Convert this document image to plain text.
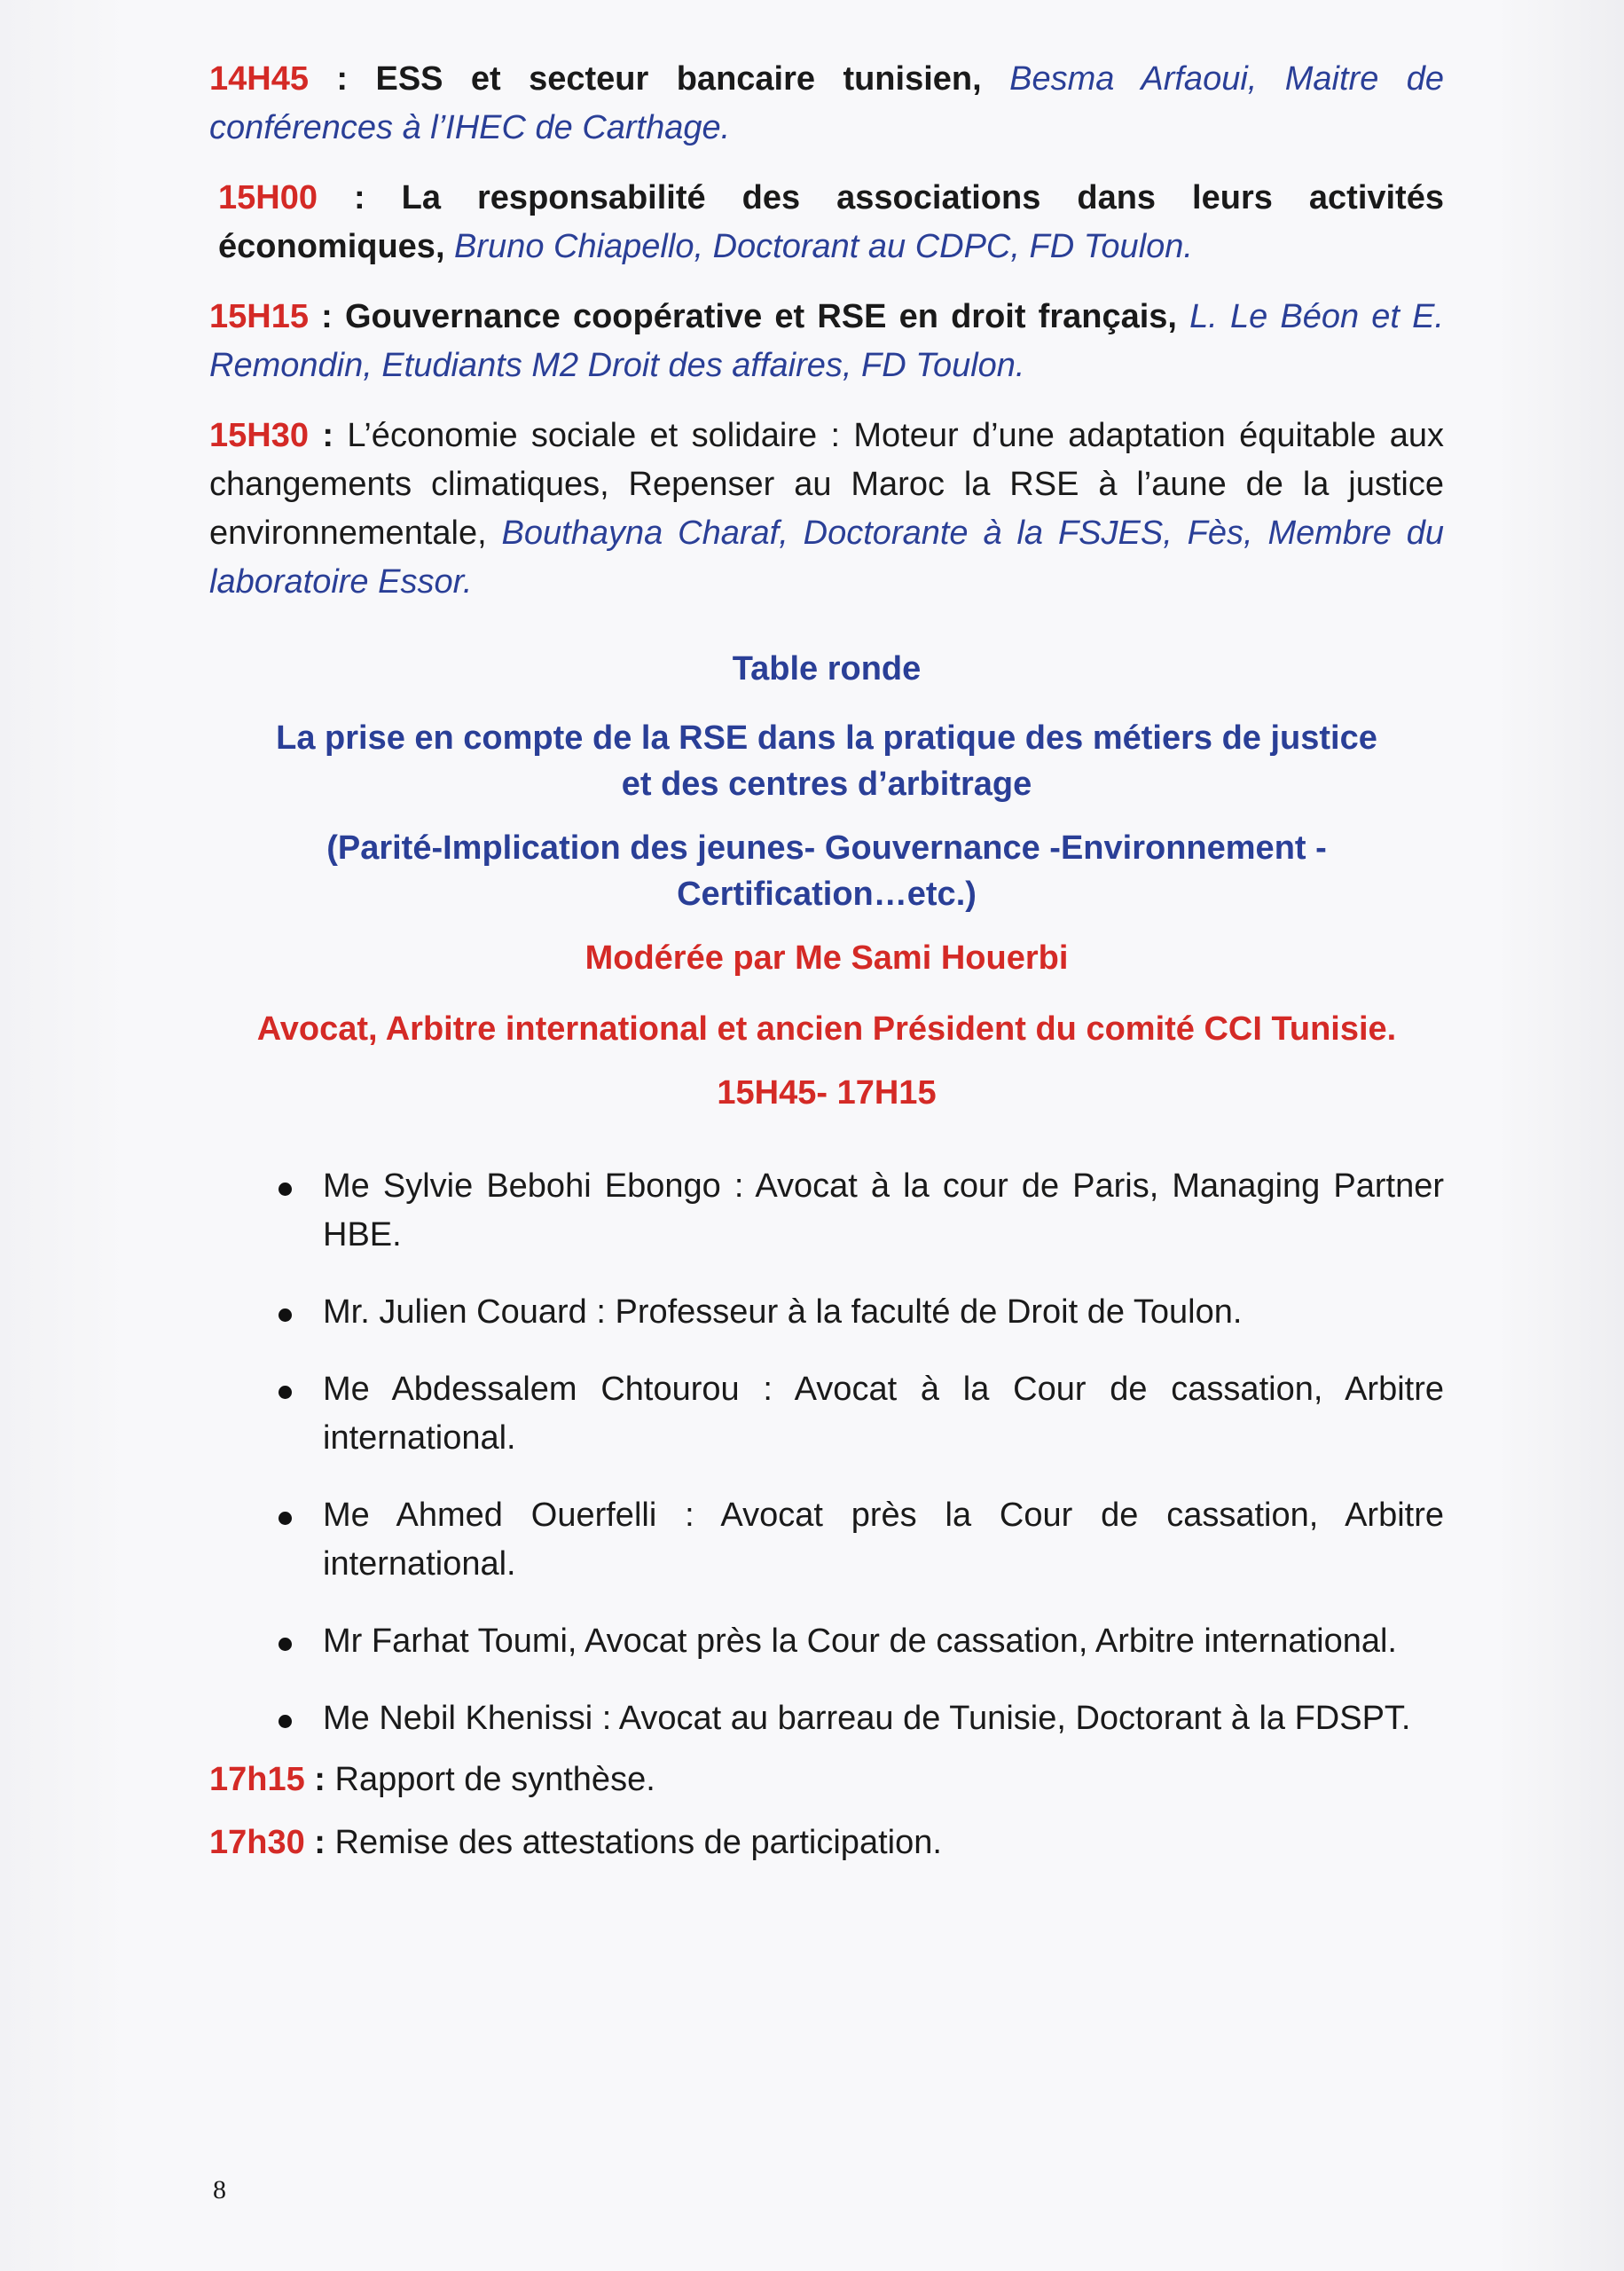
14H45 : ESS et secteur bancaire tunisien, Besma Arfaoui, Maitre de conférences à l’IHEC de Carthage.

15H00 : La responsabilité des associations dans leurs activités économiques, Bruno Chiapello, Doctorant au CDPC, FD Toulon.

15H15 : Gouvernance coopérative et RSE en droit français, L. Le Béon et E. Remondin, Etudiants M2 Droit des affaires, FD Toulon.

15H30 : L’économie sociale et solidaire : Moteur d’une adaptation équitable aux changements climatiques, Repenser au Maroc la RSE à l’aune de la justice environnementale, Bouthayna Charaf, Doctorante à la FSJES, Fès, Membre du laboratoire Essor.

Table ronde

La prise en compte de la RSE dans la pratique des métiers de justice et des centres d’arbitrage

(Parité-Implication des jeunes- Gouvernance -Environnement - Certification…etc.)

Modérée par Me Sami Houerbi

Avocat, Arbitre international et ancien Président du comité CCI Tunisie.

15H45- 17H15

Me Sylvie Bebohi Ebongo : Avocat à la cour de Paris, Managing Partner HBE.
Mr. Julien Couard : Professeur à la faculté de Droit de Toulon.
Me Abdessalem Chtourou : Avocat à la Cour de cassation, Arbitre international.
Me Ahmed Ouerfelli : Avocat près la Cour de cassation, Arbitre international.
Mr Farhat Toumi, Avocat près la Cour de cassation, Arbitre international.
Me Nebil Khenissi : Avocat au barreau de Tunisie, Doctorant à la FDSPT.

17h15 : Rapport de synthèse.

17h30 : Remise des attestations de participation.

8
